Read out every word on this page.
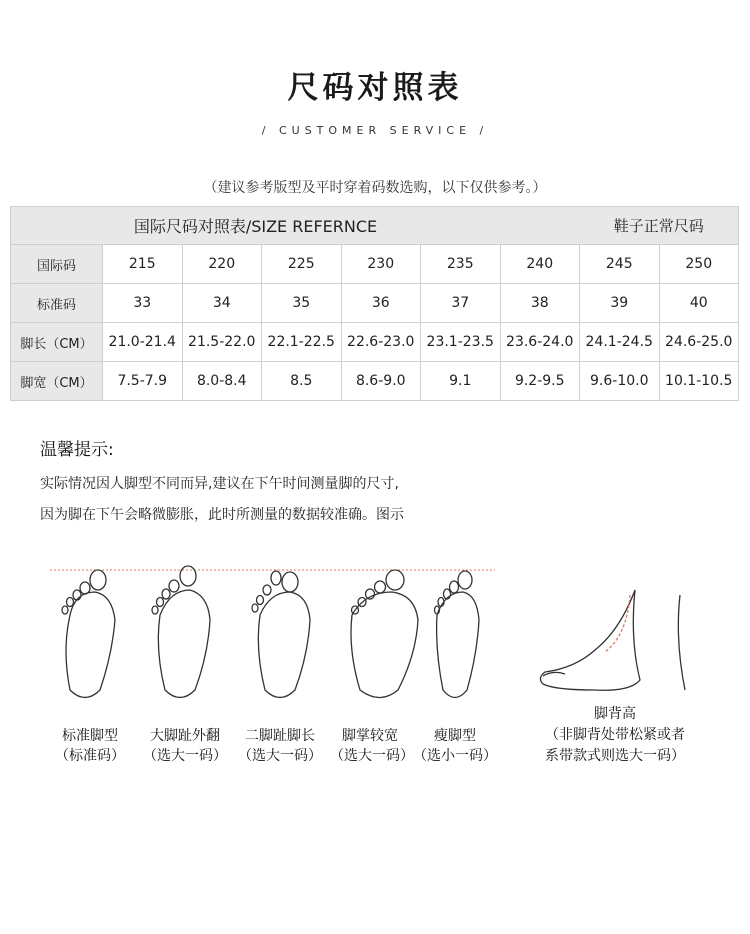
尺码对照表
/ CUSTOMER SERVICE /
（建议参考版型及平时穿着码数选购，以下仅供参考。）
国际尺码对照表/SIZE REFERNCE							鞋子正常尺码	
国际码	215	220	225	230	235	240	245	250
标准码	33	34	35	36	37	38	39	40
脚长（CM）	21.0-21.4	21.5-22.0	22.1-22.5	22.6-23.0	23.1-23.5	23.6-24.0	24.1-24.5	24.6-25.0
脚宽（CM）	7.5-7.9	8.0-8.4	8.5	8.6-9.0	9.1	9.2-9.5	9.6-10.0	10.1-10.5
温馨提示:
实际情况因人脚型不同而异,建议在下午时间测量脚的尺寸,
因为脚在下午会略微膨胀，此时所测量的数据较准确。图示
标准脚型
（标准码）
大脚趾外翻
（选大一码）
二脚趾脚长
（选大一码）
脚掌较宽
（选大一码）
瘦脚型
（选小一码）
脚背高
（非脚背处带松紧或者
系带款式则选大一码）
